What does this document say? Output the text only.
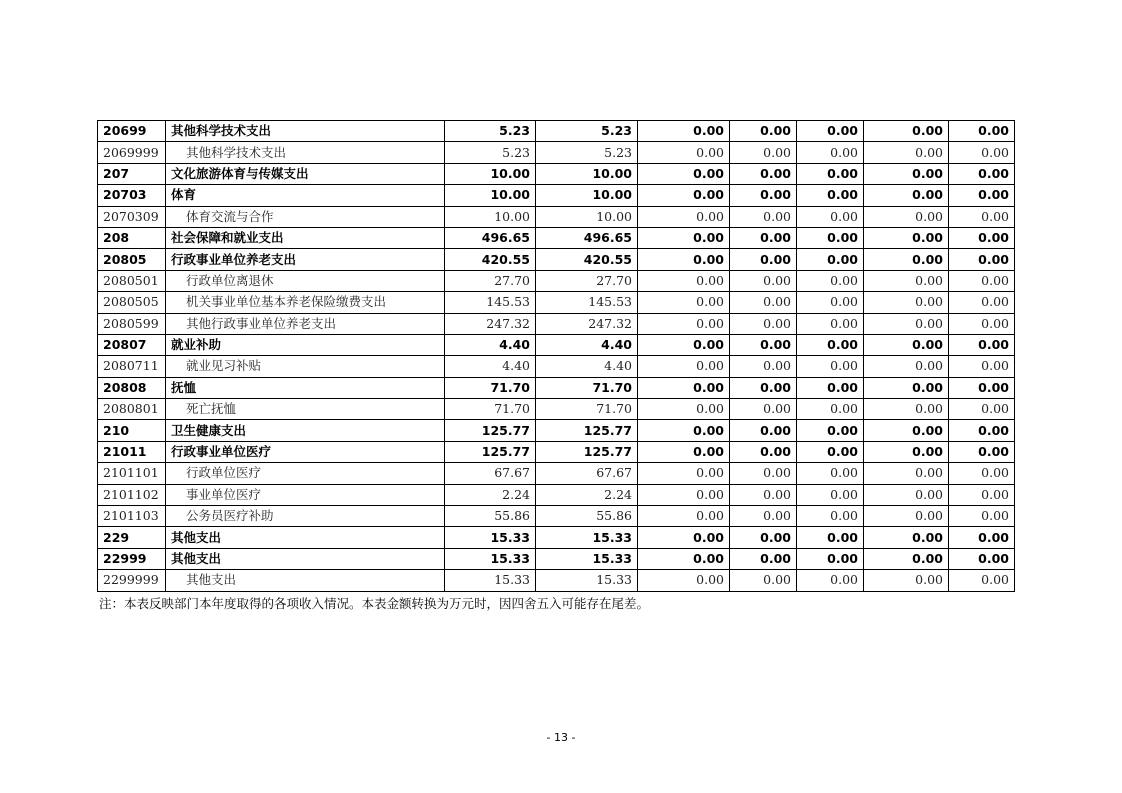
20699	其他科学技术支出	5.23	5.23	0.00	0.00	0.00	0.00	0.00
2069999	其他科学技术支出	5.23	5.23	0.00	0.00	0.00	0.00	0.00
207	文化旅游体育与传媒支出	10.00	10.00	0.00	0.00	0.00	0.00	0.00
20703	体育	10.00	10.00	0.00	0.00	0.00	0.00	0.00
2070309	体育交流与合作	10.00	10.00	0.00	0.00	0.00	0.00	0.00
208	社会保障和就业支出	496.65	496.65	0.00	0.00	0.00	0.00	0.00
20805	行政事业单位养老支出	420.55	420.55	0.00	0.00	0.00	0.00	0.00
2080501	行政单位离退休	27.70	27.70	0.00	0.00	0.00	0.00	0.00
2080505	机关事业单位基本养老保险缴费支出	145.53	145.53	0.00	0.00	0.00	0.00	0.00
2080599	其他行政事业单位养老支出	247.32	247.32	0.00	0.00	0.00	0.00	0.00
20807	就业补助	4.40	4.40	0.00	0.00	0.00	0.00	0.00
2080711	就业见习补贴	4.40	4.40	0.00	0.00	0.00	0.00	0.00
20808	抚恤	71.70	71.70	0.00	0.00	0.00	0.00	0.00
2080801	死亡抚恤	71.70	71.70	0.00	0.00	0.00	0.00	0.00
210	卫生健康支出	125.77	125.77	0.00	0.00	0.00	0.00	0.00
21011	行政事业单位医疗	125.77	125.77	0.00	0.00	0.00	0.00	0.00
2101101	行政单位医疗	67.67	67.67	0.00	0.00	0.00	0.00	0.00
2101102	事业单位医疗	2.24	2.24	0.00	0.00	0.00	0.00	0.00
2101103	公务员医疗补助	55.86	55.86	0.00	0.00	0.00	0.00	0.00
229	其他支出	15.33	15.33	0.00	0.00	0.00	0.00	0.00
22999	其他支出	15.33	15.33	0.00	0.00	0.00	0.00	0.00
2299999	其他支出	15.33	15.33	0.00	0.00	0.00	0.00	0.00
注：本表反映部门本年度取得的各项收入情况。本表金额转换为万元时，因四舍五入可能存在尾差。
- 13 -
